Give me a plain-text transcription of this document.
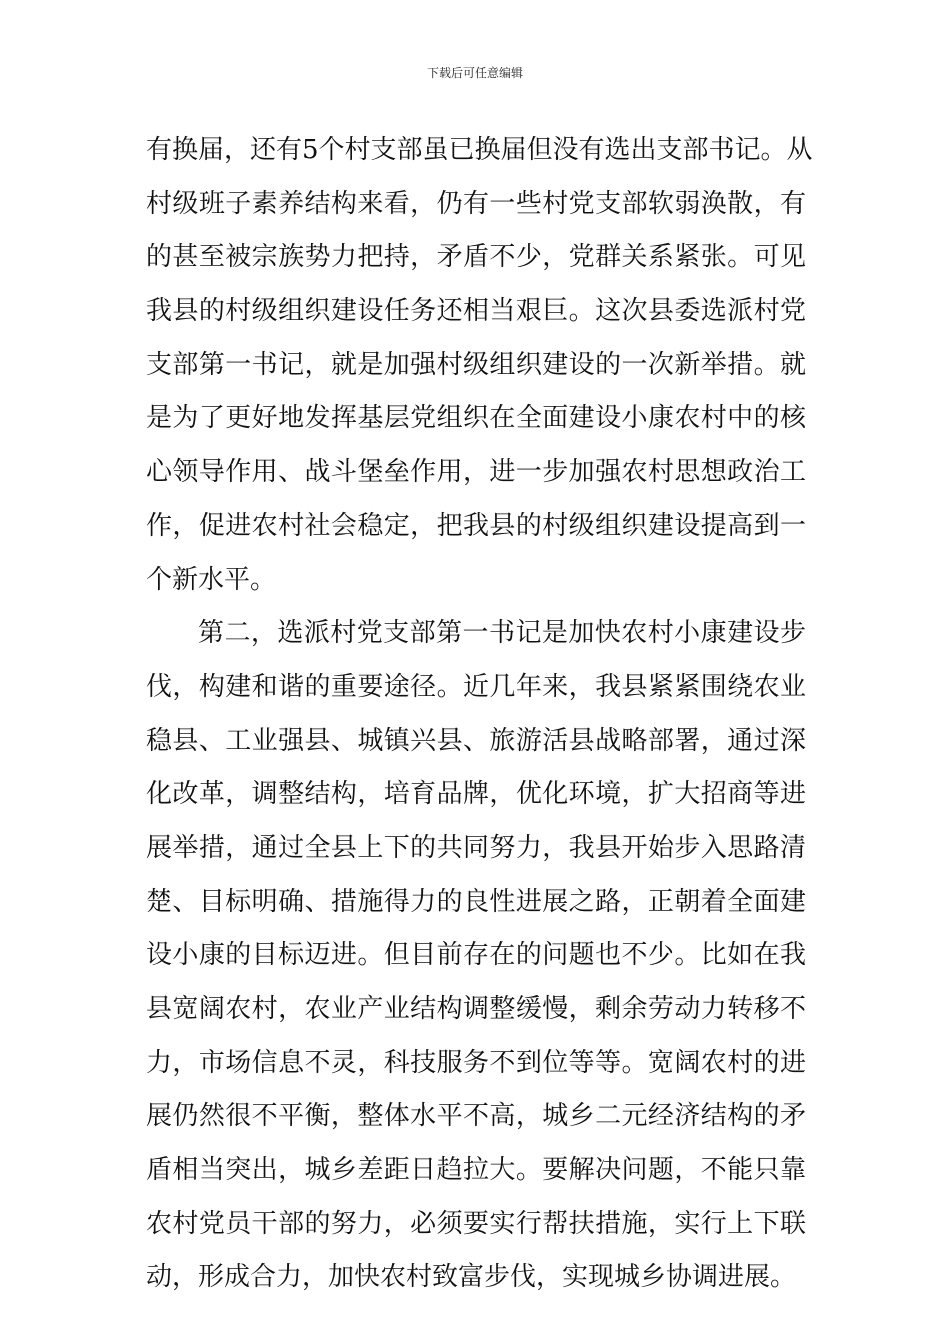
下载后可任意编辑
有换届，还有5个村支部虽已换届但没有选出支部书记。从
村级班子素养结构来看，仍有一些村党支部软弱涣散，有
的甚至被宗族势力把持，矛盾不少，党群关系紧张。可见
我县的村级组织建设任务还相当艰巨。这次县委选派村党
支部第一书记，就是加强村级组织建设的一次新举措。就
是为了更好地发挥基层党组织在全面建设小康农村中的核
心领导作用、战斗堡垒作用，进一步加强农村思想政治工
作，促进农村社会稳定，把我县的村级组织建设提高到一
个新水平。
第二，选派村党支部第一书记是加快农村小康建设步
伐，构建和谐的重要途径。近几年来，我县紧紧围绕农业
稳县、工业强县、城镇兴县、旅游活县战略部署，通过深
化改革，调整结构，培育品牌，优化环境，扩大招商等进
展举措，通过全县上下的共同努力，我县开始步入思路清
楚、目标明确、措施得力的良性进展之路，正朝着全面建
设小康的目标迈进。但目前存在的问题也不少。比如在我
县宽阔农村，农业产业结构调整缓慢，剩余劳动力转移不
力，市场信息不灵，科技服务不到位等等。宽阔农村的进
展仍然很不平衡，整体水平不高，城乡二元经济结构的矛
盾相当突出，城乡差距日趋拉大。要解决问题，不能只靠
农村党员干部的努力，必须要实行帮扶措施，实行上下联
动，形成合力，加快农村致富步伐，实现城乡协调进展。
